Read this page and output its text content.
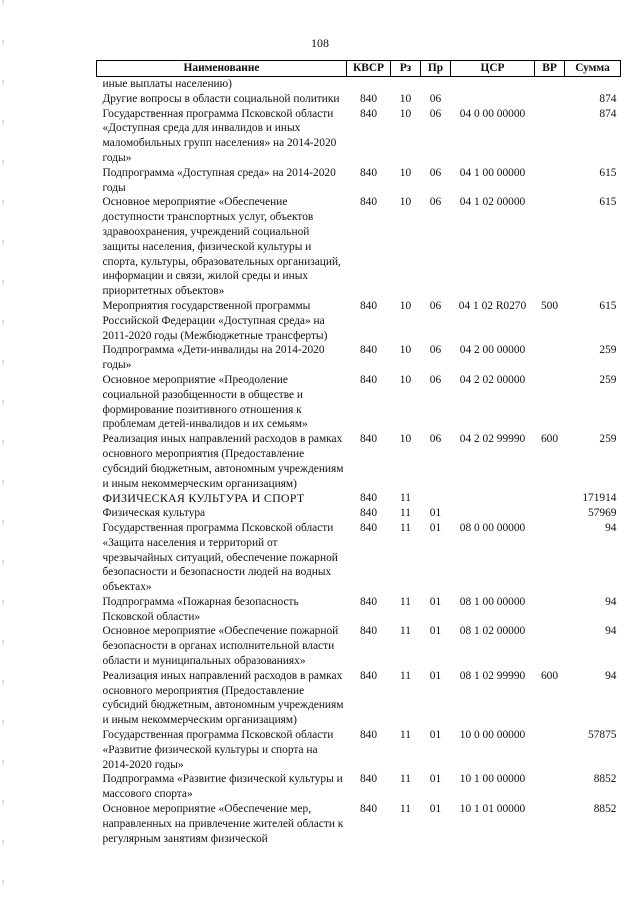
108
Наименование	КВСР	Рз	Пр	ЦСР	ВР	Сумма
иные выплаты населению)						
Другие вопросы в области социальной политики	840	10	06			874
Государственная программа Псковской области «Доступная среда для инвалидов и иных маломобильных групп населения» на 2014-2020 годы»	840	10	06	04 0 00 00000		874
Подпрограмма «Доступная среда» на 2014-2020 годы	840	10	06	04 1 00 00000		615
Основное мероприятие «Обеспечение доступности транспортных услуг, объектов здравоохранения, учреждений социальной защиты населения, физической культуры и спорта, культуры, образовательных организаций, информации и связи, жилой среды и иных приоритетных объектов»	840	10	06	04 1 02 00000		615
Мероприятия государственной программы Российской Федерации «Доступная среда» на 2011-2020 годы (Межбюджетные трансферты)	840	10	06	04 1 02 R0270	500	615
Подпрограмма «Дети-инвалиды на 2014-2020 годы»	840	10	06	04 2 00 00000		259
Основное мероприятие «Преодоление социальной разобщенности в обществе и формирование позитивного отношения к проблемам детей-инвалидов и их семьям»	840	10	06	04 2 02 00000		259
Реализация иных направлений расходов в рамках основного мероприятия (Предоставление субсидий бюджетным, автономным учреждениям и иным некоммерческим организациям)	840	10	06	04 2 02 99990	600	259
ФИЗИЧЕСКАЯ КУЛЬТУРА И СПОРТ	840	11				171914
Физическая культура	840	11	01			57969
Государственная программа Псковской области «Защита населения и территорий от чрезвычайных ситуаций, обеспечение пожарной безопасности и безопасности людей на водных объектах»	840	11	01	08 0 00 00000		94
Подпрограмма «Пожарная безопасность Псковской области»	840	11	01	08 1 00 00000		94
Основное мероприятие «Обеспечение пожарной безопасности в органах исполнительной власти области и муниципальных образованиях»	840	11	01	08 1 02 00000		94
Реализация иных направлений расходов в рамках основного мероприятия (Предоставление субсидий бюджетным, автономным учреждениям и иным некоммерческим организациям)	840	11	01	08 1 02 99990	600	94
Государственная программа Псковской области «Развитие физической культуры и спорта на 2014-2020 годы»	840	11	01	10 0 00 00000		57875
Подпрограмма «Развитие физической культуры и массового спорта»	840	11	01	10 1 00 00000		8852
Основное мероприятие «Обеспечение мер, направленных на привлечение жителей области к регулярным занятиям физической	840	11	01	10 1 01 00000		8852
